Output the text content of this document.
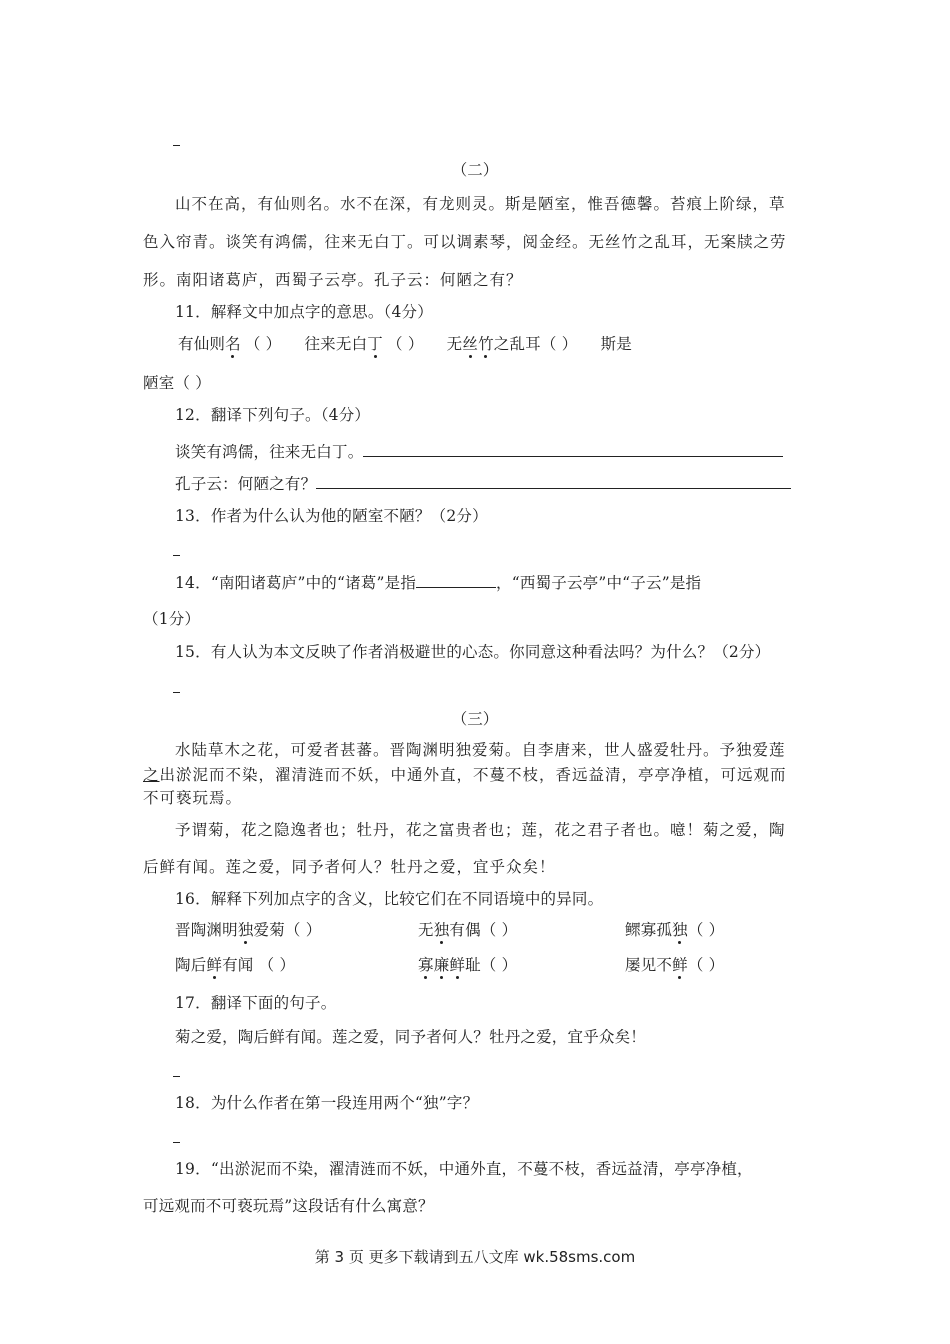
（二）
山不在高，有仙则名。水不在深，有龙则灵。斯是陋室，惟吾德馨。苔痕上阶绿，草
色入帘青。谈笑有鸿儒，往来无白丁。可以调素琴，阅金经。无丝竹之乱耳，无案牍之劳
形。南阳诸葛庐，西蜀子云亭。孔子云：何陋之有？
11．解释文中加点字的意思。（4分）
有仙则名 （ ） 往来无白丁 （ ） 无丝竹之乱耳（ ） 斯是
陋室（ ）
12．翻译下列句子。（4分）
谈笑有鸿儒，往来无白丁。
孔子云：何陋之有？
13．作者为什么认为他的陋室不陋？（2分）
14．“南阳诸葛庐”中的“诸葛”是指	，“西蜀子云亭”中“子云”是指
（1分）
15．有人认为本文反映了作者消极避世的心态。你同意这种看法吗？为什么？（2分）
（三）
水陆草木之花，可爱者甚蕃。晋陶渊明独爱菊。自李唐来，世人盛爱牡丹。予独爱莲
之出淤泥而不染，濯清涟而不妖，中通外直，不蔓不枝，香远益清，亭亭净植，可远观而
不可亵玩焉。
予谓菊，花之隐逸者也；牡丹，花之富贵者也；莲，花之君子者也。噫！菊之爱，陶
后鲜有闻。莲之爱，同予者何人？牡丹之爱，宜乎众矣！
16．解释下列加点字的含义，比较它们在不同语境中的异同。
晋陶渊明独爱菊（ ）	无独有偶（ ）	鳏寡孤独（ ）
陶后鲜有闻 （ ）	寡廉鲜耻（ ）	屡见不鲜（ ）
17．翻译下面的句子。
菊之爱，陶后鲜有闻。莲之爱，同予者何人？牡丹之爱，宜乎众矣！
18．为什么作者在第一段连用两个“独”字？
19．“出淤泥而不染，濯清涟而不妖，中通外直，不蔓不枝，香远益清，亭亭净植，
可远观而不可亵玩焉”这段话有什么寓意？
第 3 页 更多下载请到五八文库 wk.58sms.com
